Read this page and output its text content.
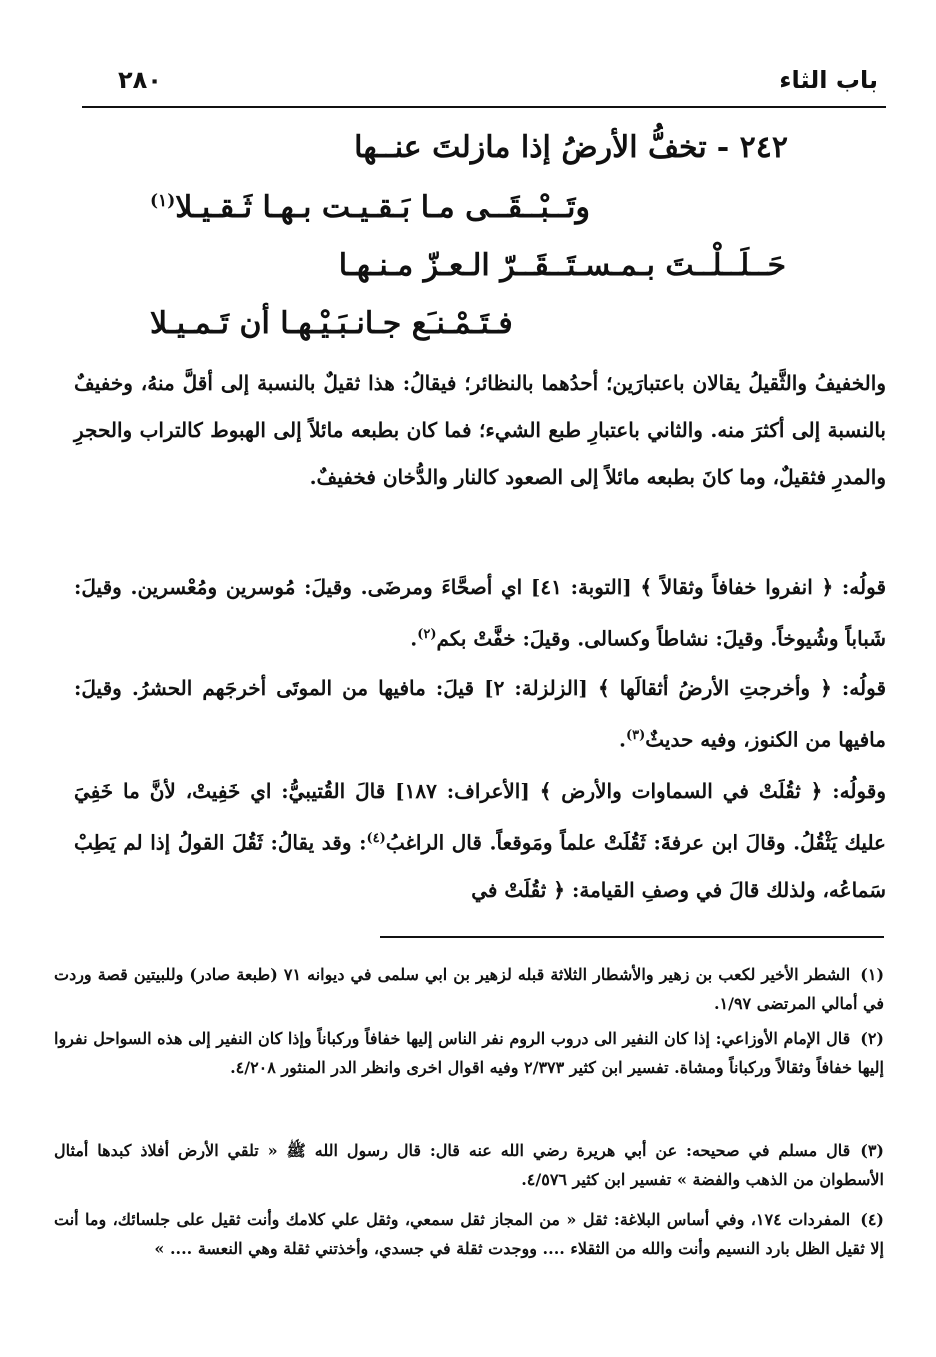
باب الثاء
٢٨٠
٢٤٢ -تخفُّ الأرضُ إذا مازلتَ عنــها
وتَــبْــقَــى مـا بَـقـيـت بـهـا ثَـقـيـلا$^{(١)}$
حَــلَــلْــتَ بـمـسـتَــقَــرّ الـعـزّ مـنـهـا
فـتَـمْـنـَع جـانـبَـيْـهـا أن تَـمـيـلا
والخفيفُ والثَّقيلُ يقالان باعتبارَين؛ أحدُهما بالنظائر؛ فيقالُ: هذا ثقيلٌ بالنسبة إلى أقلَّ منهُ، وخفيفٌ بالنسبة إلى أكثرَ منه. والثاني باعتبارِ طبع الشيء؛ فما كان بطبعه مائلاً إلى الهبوط كالتراب والحجرِ والمدرِ فثقيلٌ، وما كانَ بطبعه مائلاً إلى الصعود كالنار والدُّخان فخفيفٌ.
قولُه: ﴿ انفروا خفافاً وثقالاً ﴾ [التوبة: ٤١] اي أصحَّاءَ ومرضَى. وقيلَ: مُوسرين ومُعْسرين. وقيلَ: شَباباً وشُيوخاً. وقيلَ: نشاطاً وكسالى. وقيلَ: خفَّتْ بكم$^{(٢)}$.
قولُه: ﴿ وأخرجتِ الأرضُ أثقالَها ﴾ [الزلزلة: ٢] قيلَ: مافيها من الموتَى أخرجَهم الحشرُ. وقيلَ: مافيها من الكنوز، وفيه حديثٌ$^{(٣)}$.
وقولُه: ﴿ ثقُلَتْ في السماوات والأرض ﴾ [الأعراف: ١٨٧] قالَ القُتيبيُّ: اي خَفِيتْ، لأنَّ ما خَفِيَ عليك يَثْقُلُ. وقالَ ابن عرفةَ: ثَقُلَتْ علماً ومَوقعاً. قال الراغبُ$^{(٤)}$: وقد يقالُ: ثَقُلَ القولُ إذا لم يَطِبْ سَماعُه، ولذلك قالَ في وصفِ القيامة: ﴿ ثقُلَتْ في
(١)الشطر الأخير لكعب بن زهير والأشطار الثلاثة قبله لزهير بن ابي سلمى في ديوانه ٧١ (طبعة صادر) وللبيتين قصة وردت في أمالي المرتضى ١/٩٧.
(٢)قال الإمام الأوزاعي: إذا كان النفير الى دروب الروم نفر الناس إليها خفافاً وركباناً وإذا كان النفير إلى هذه السواحل نفروا إليها خفافاً وثقالاً وركباناً ومشاة. تفسير ابن كثير ٢/٣٧٣ وفيه اقوال اخرى وانظر الدر المنثور ٤/٢٠٨.
(٣)قال مسلم في صحيحه: عن أبي هريرة رضي الله عنه قال: قال رسول الله ﷺ « تلقي الأرض أفلاذ كبدها أمثال الأسطوان من الذهب والفضة » تفسير ابن كثير ٤/٥٧٦.
(٤)المفردات ١٧٤، وفي أساس البلاغة: ثقل « من المجاز ثقل سمعي، وثقل علي كلامك وأنت ثقيل على جلسائك، وما أنت إلا ثقيل الظل بارد النسيم وأنت والله من الثقلاء .... ووجدت ثقلة في جسدي، وأخذتني ثقلة وهي النعسة .... »
